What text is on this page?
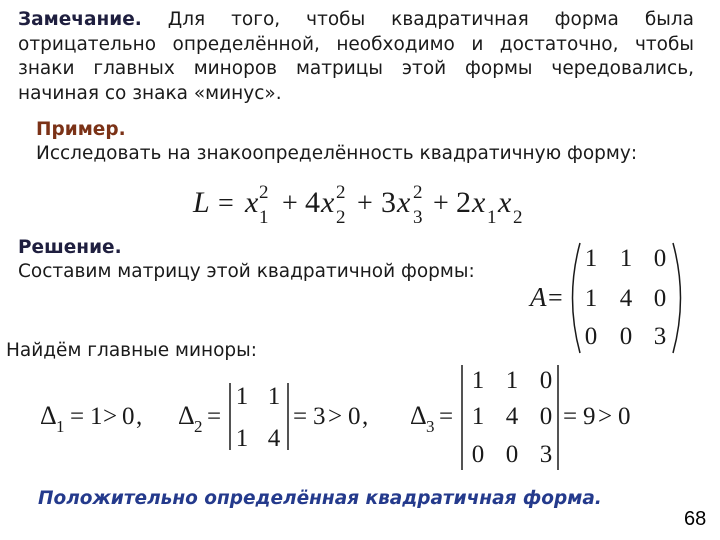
Замечание. Для того, чтобы квадратичная форма была
отрицательно определённой, необходимо и достаточно, чтобы
знаки главных миноров матрицы этой формы чередовались,
начиная со знака «минус».
Пример.
Исследовать на знакоопределённость квадратичную форму:
Решение.
Составим матрицу этой квадратичной формы:
Найдём главные миноры:
Положительно определённая квадратичная форма.
68
L = x 2
1 + 4 x 2
2 + 3 x 2
3 + 2 x 1 x 2
A =
1 1 0
1 4 0
0 0 3
Δ 1 = 1 > 0 , Δ 2 =
1 1
1 4
= 3 > 0 , Δ 3 =
1 1 0
1 4 0
0 0 3
= 9 > 0
